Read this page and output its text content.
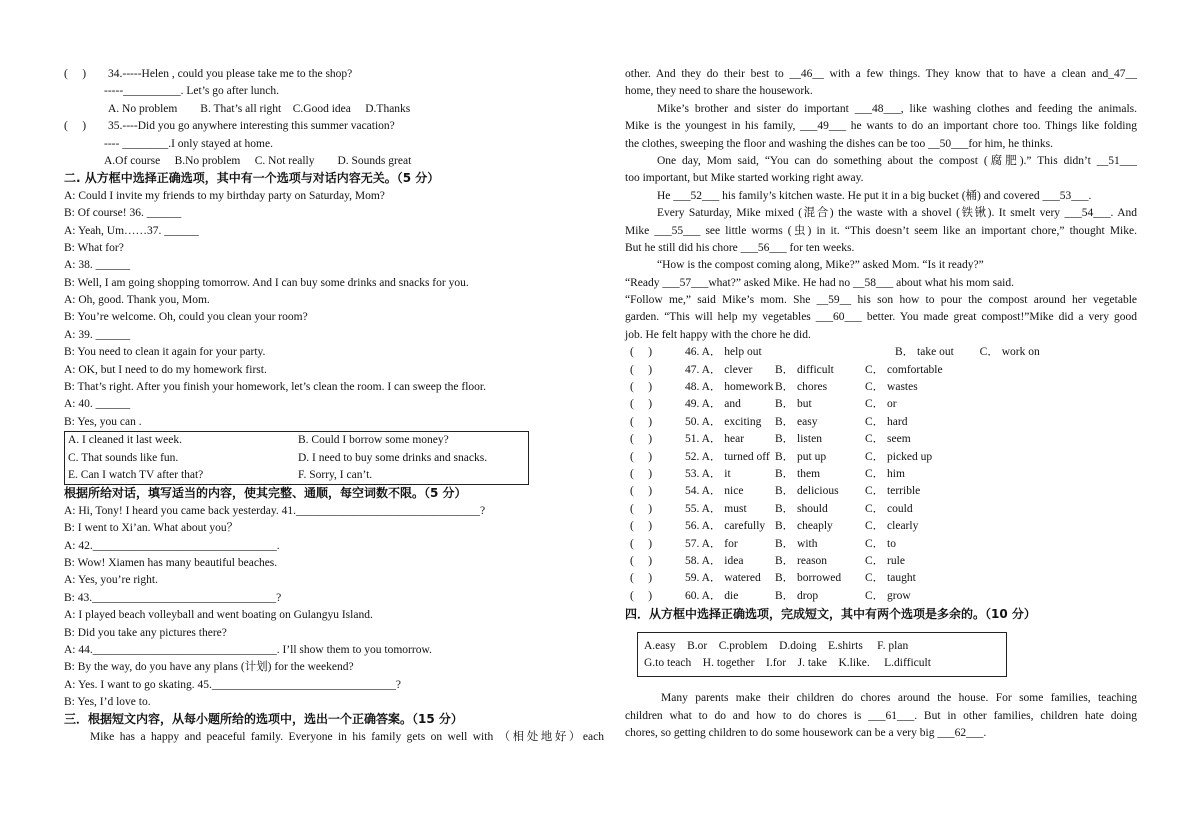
(　 ) 34.-----Helen , could you please take me to the shop?
-----__________. Let’s go after lunch.
A. No problem　　B. That’s all right　C.Good idea　 D.Thanks
(　 ) 35.----Did you go anywhere interesting this summer vacation?
---- ________.I only stayed at home.
A.Of course　 B.No problem　 C. Not really　　D. Sounds great
二. 从方框中选择正确选项，其中有一个选项与对话内容无关。（5 分）
A: Could I invite my friends to my birthday party on Saturday, Mom?
B: Of course! 36. ______
A: Yeah, Um……37. ______
B: What for?
A: 38. ______
B: Well, I am going shopping tomorrow. And I can buy some drinks and snacks for you.
A: Oh, good. Thank you, Mom.
B: You’re welcome. Oh, could you clean your room?
A: 39. ______
B: You need to clean it again for your party.
A: OK, but I need to do my homework first.
B: That’s right. After you finish your homework, let’s clean the room. I can sweep the floor.
A: 40. ______
B: Yes, you can .
A. I cleaned it last week.	B. Could I borrow some money?
C. That sounds like fun.	D. I need to buy some drinks and snacks.
E. Can I watch TV after that?	F. Sorry, I can’t.
根据所给对话，填写适当的内容，使其完整、通顺，每空词数不限。（5 分）
A: Hi, Tony! I heard you came back yesterday. 41.________________________________?
B: I went to Xi’an. What about you？
A: 42.________________________________.
B: Wow! Xiamen has many beautiful beaches.
A: Yes, you’re right.
B: 43.________________________________?
A: I played beach volleyball and went boating on Gulangyu Island.
B: Did you take any pictures there?
A: 44.________________________________. I’ll show them to you tomorrow.
B: By the way, do you have any plans (计划) for the weekend?
A: Yes. I want to go skating. 45.________________________________?
B: Yes, I’d love to.
三．根据短文内容，从每小题所给的选项中，选出一个正确答案。（15 分）
Mike has a happy and peaceful family. Everyone in his family gets on well with （相处地好）each
other. And they do their best to __46__ with a few things. They know that to have a clean and_47__
home, they need to share the housework.
Mike’s brother and sister do important ___48___, like washing clothes and feeding the animals.
Mike is the youngest in his family, ___49___ he wants to do an important chore too. Things like folding
the clothes, sweeping the floor and washing the dishes can be too __50___for him, he thinks.
One day, Mom said, “You can do something about the compost (腐肥).” This didn’t __51___
too important, but Mike started working right away.
He ___52___ his family’s kitchen waste. He put it in a big bucket (桶) and covered ___53___.
Every Saturday, Mike mixed (混合) the waste with a shovel (铁锹). It smelt very ___54___. And
Mike ___55___ see little worms (虫) in it. “This doesn’t seem like an important chore,” thought Mike.
But he still did his chore ___56___ for ten weeks.
“How is the compost coming along, Mike?” asked Mom. “Is it ready?”
“Ready ___57___what?” asked Mike. He had no __58___ about what his mom said.
“Follow me,” said Mike’s mom. She __59__ his son how to pour the compost around her vegetable
garden. “This will help my vegetables ___60___ better. You made great compost!”Mike did a very good
job. He felt happy with the chore he did.
(　 )	46. A． help out	B． take out　　 C． work on
(　 )	47. A． clever	B． difficult	C． comfortable
(　 )	48. A． homework B． chores	C． wastes
(　 )	49. A． and	B． but	C． or
(　 )	50. A． exciting	B． easy	C． hard
(　 )	51. A． hear	B． listen	C． seem
(　 )	52. A． turned off B． put up	C． picked up
(　 )	53. A． it	B． them	C． him
(　 )	54. A． nice	B． delicious	C． terrible
(　 )	55. A． must	B． should	C． could
(　 )	56. A． carefully B． cheaply	C． clearly
(　 )	57. A． for	B． with	C． to
(　 )	58. A． idea	B． reason	C． rule
(　 )	59. A． watered	B． borrowed	C． taught
(　 )	60. A． die	B． drop	C． grow
四．从方框中选择正确选项，完成短文，其中有两个选项是多余的。（10 分）
A.easy　B.or　C.problem　D.doing　E.shirts　 F. plan
G.to teach　H. together　I.for　J. take　K.like.　 L.difficult
Many parents make their children do chores around the house. For some families, teaching
children what to do and how to do chores is ___61___. But in other families, children hate doing
chores, so getting children to do some housework can be a very big ___62___.
